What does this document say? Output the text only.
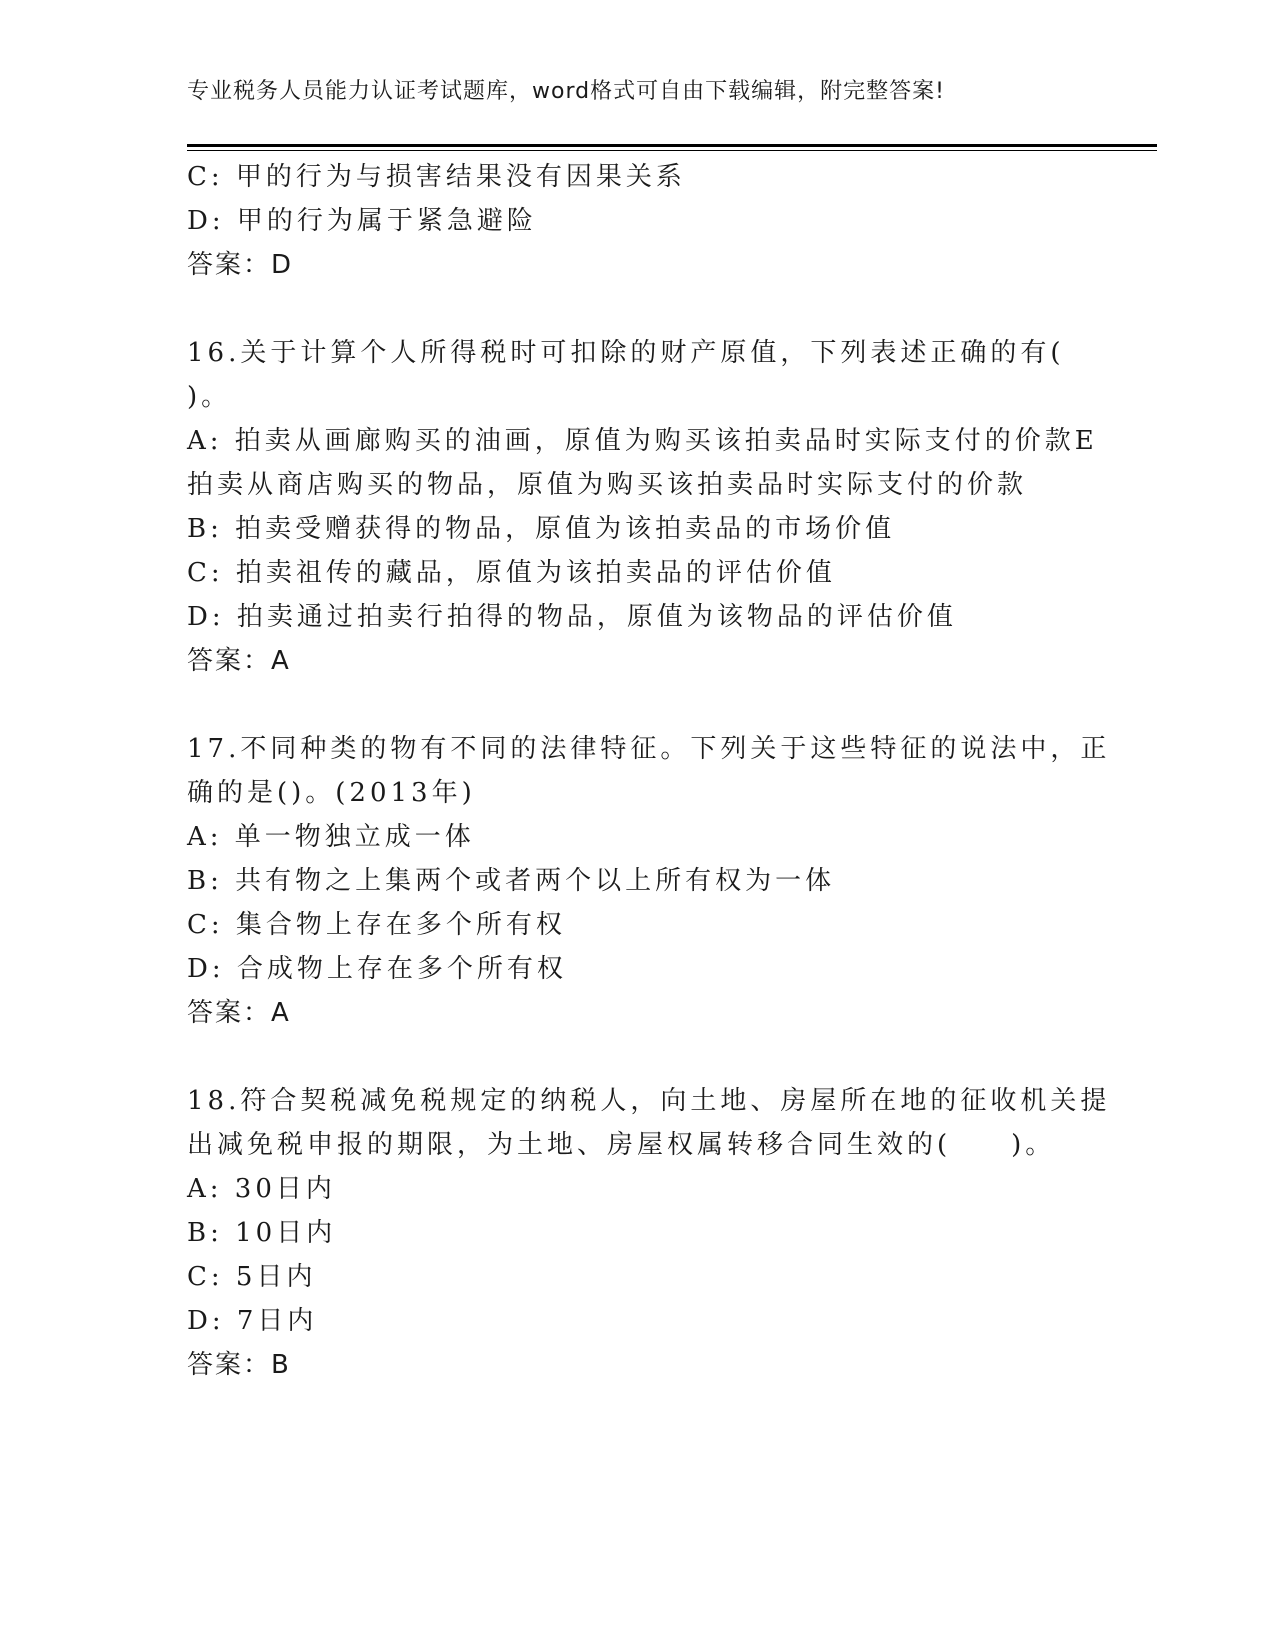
专业税务人员能力认证考试题库，word格式可自由下载编辑，附完整答案!
C: 甲的行为与损害结果没有因果关系
D: 甲的行为属于紧急避险
答案：D
16.关于计算个人所得税时可扣除的财产原值，下列表述正确的有(
)。
A: 拍卖从画廊购买的油画，原值为购买该拍卖品时实际支付的价款E
拍卖从商店购买的物品，原值为购买该拍卖品时实际支付的价款
B: 拍卖受赠获得的物品，原值为该拍卖品的市场价值
C: 拍卖祖传的藏品，原值为该拍卖品的评估价值
D: 拍卖通过拍卖行拍得的物品，原值为该物品的评估价值
答案：A
17.不同种类的物有不同的法律特征。下列关于这些特征的说法中，正
确的是()。(2013年)
A: 单一物独立成一体
B: 共有物之上集两个或者两个以上所有权为一体
C: 集合物上存在多个所有权
D: 合成物上存在多个所有权
答案：A
18.符合契税减免税规定的纳税人，向土地、房屋所在地的征收机关提
出减免税申报的期限，为土地、房屋权属转移合同生效的(　　)。
A: 30日内
B: 10日内
C: 5日内
D: 7日内
答案：B
